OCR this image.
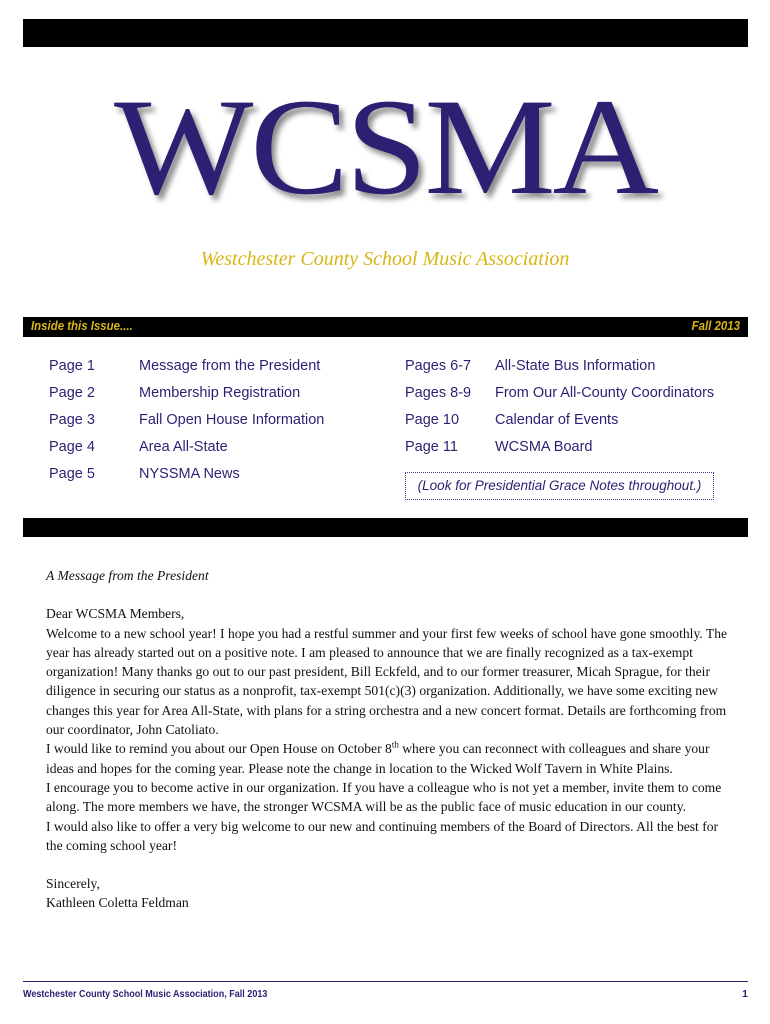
WCSMA
Westchester County School Music Association
Inside this Issue....	Fall 2013
Page 1	Message from the President
Page 2	Membership Registration
Page 3	Fall Open House Information
Page 4	Area All-State
Page 5	NYSSMA News
Pages 6-7 All-State Bus Information
Pages 8-9 From Our All-County Coordinators
Page 10 Calendar of Events
Page 11	WCSMA Board
(Look for Presidential Grace Notes throughout.)

A Message from the President

Dear WCSMA Members,

Welcome to a new school year! I hope you had a restful summer and your first few weeks of school have gone smoothly. The year has already started out on a positive note. I am pleased to announce that we are finally recognized as a tax-exempt organization! Many thanks go out to our past president, Bill Eckfeld, and to our former treasurer, Micah Sprague, for their diligence in securing our status as a nonprofit, tax-exempt 501(c)(3) organization. Additionally, we have some exciting new changes this year for Area All-State, with plans for a string orchestra and a new concert format. Details are forthcoming from our coordinator, John Catoliato.

I would like to remind you about our Open House on October 8th where you can reconnect with colleagues and share your ideas and hopes for the coming year. Please note the change in location to the Wicked Wolf Tavern in White Plains.

I encourage you to become active in our organization. If you have a colleague who is not yet a member, invite them to come along. The more members we have, the stronger WCSMA will be as the public face of music education in our county.

I would also like to offer a very big welcome to our new and continuing members of the Board of Directors. All the best for the coming school year!

Sincerely,

Kathleen Coletta Feldman

Westchester County School Music Association, Fall 2013	1
